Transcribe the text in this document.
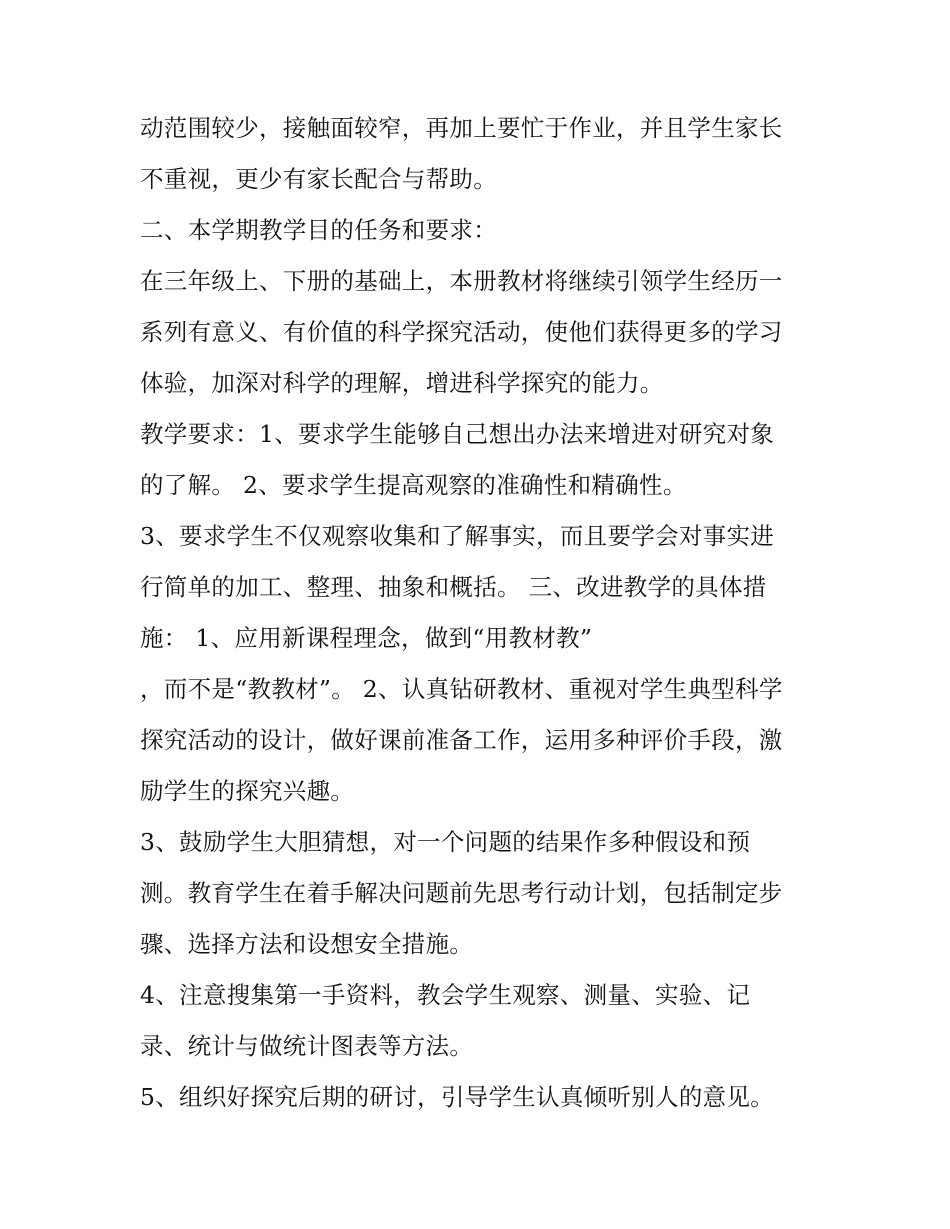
动范围较少，接触面较窄，再加上要忙于作业，并且学生家长

不重视，更少有家长配合与帮助。

二、本学期教学目的任务和要求：

在三年级上、下册的基础上，本册教材将继续引领学生经历一

系列有意义、有价值的科学探究活动，使他们获得更多的学习

体验，加深对科学的理解，增进科学探究的能力。

教学要求：1、要求学生能够自己想出办法来增进对研究对象

的了解。 2、要求学生提高观察的准确性和精确性。

3、要求学生不仅观察收集和了解事实，而且要学会对事实进

行简单的加工、整理、抽象和概括。 三、改进教学的具体措

施： 1、应用新课程理念，做到“用教材教”

，而不是“教教材”。 2、认真钻研教材、重视对学生典型科学

探究活动的设计，做好课前准备工作，运用多种评价手段，激

励学生的探究兴趣。

3、鼓励学生大胆猜想，对一个问题的结果作多种假设和预

测。教育学生在着手解决问题前先思考行动计划，包括制定步

骤、选择方法和设想安全措施。

4、注意搜集第一手资料，教会学生观察、测量、实验、记

录、统计与做统计图表等方法。

5、组织好探究后期的研讨，引导学生认真倾听别人的意见。
